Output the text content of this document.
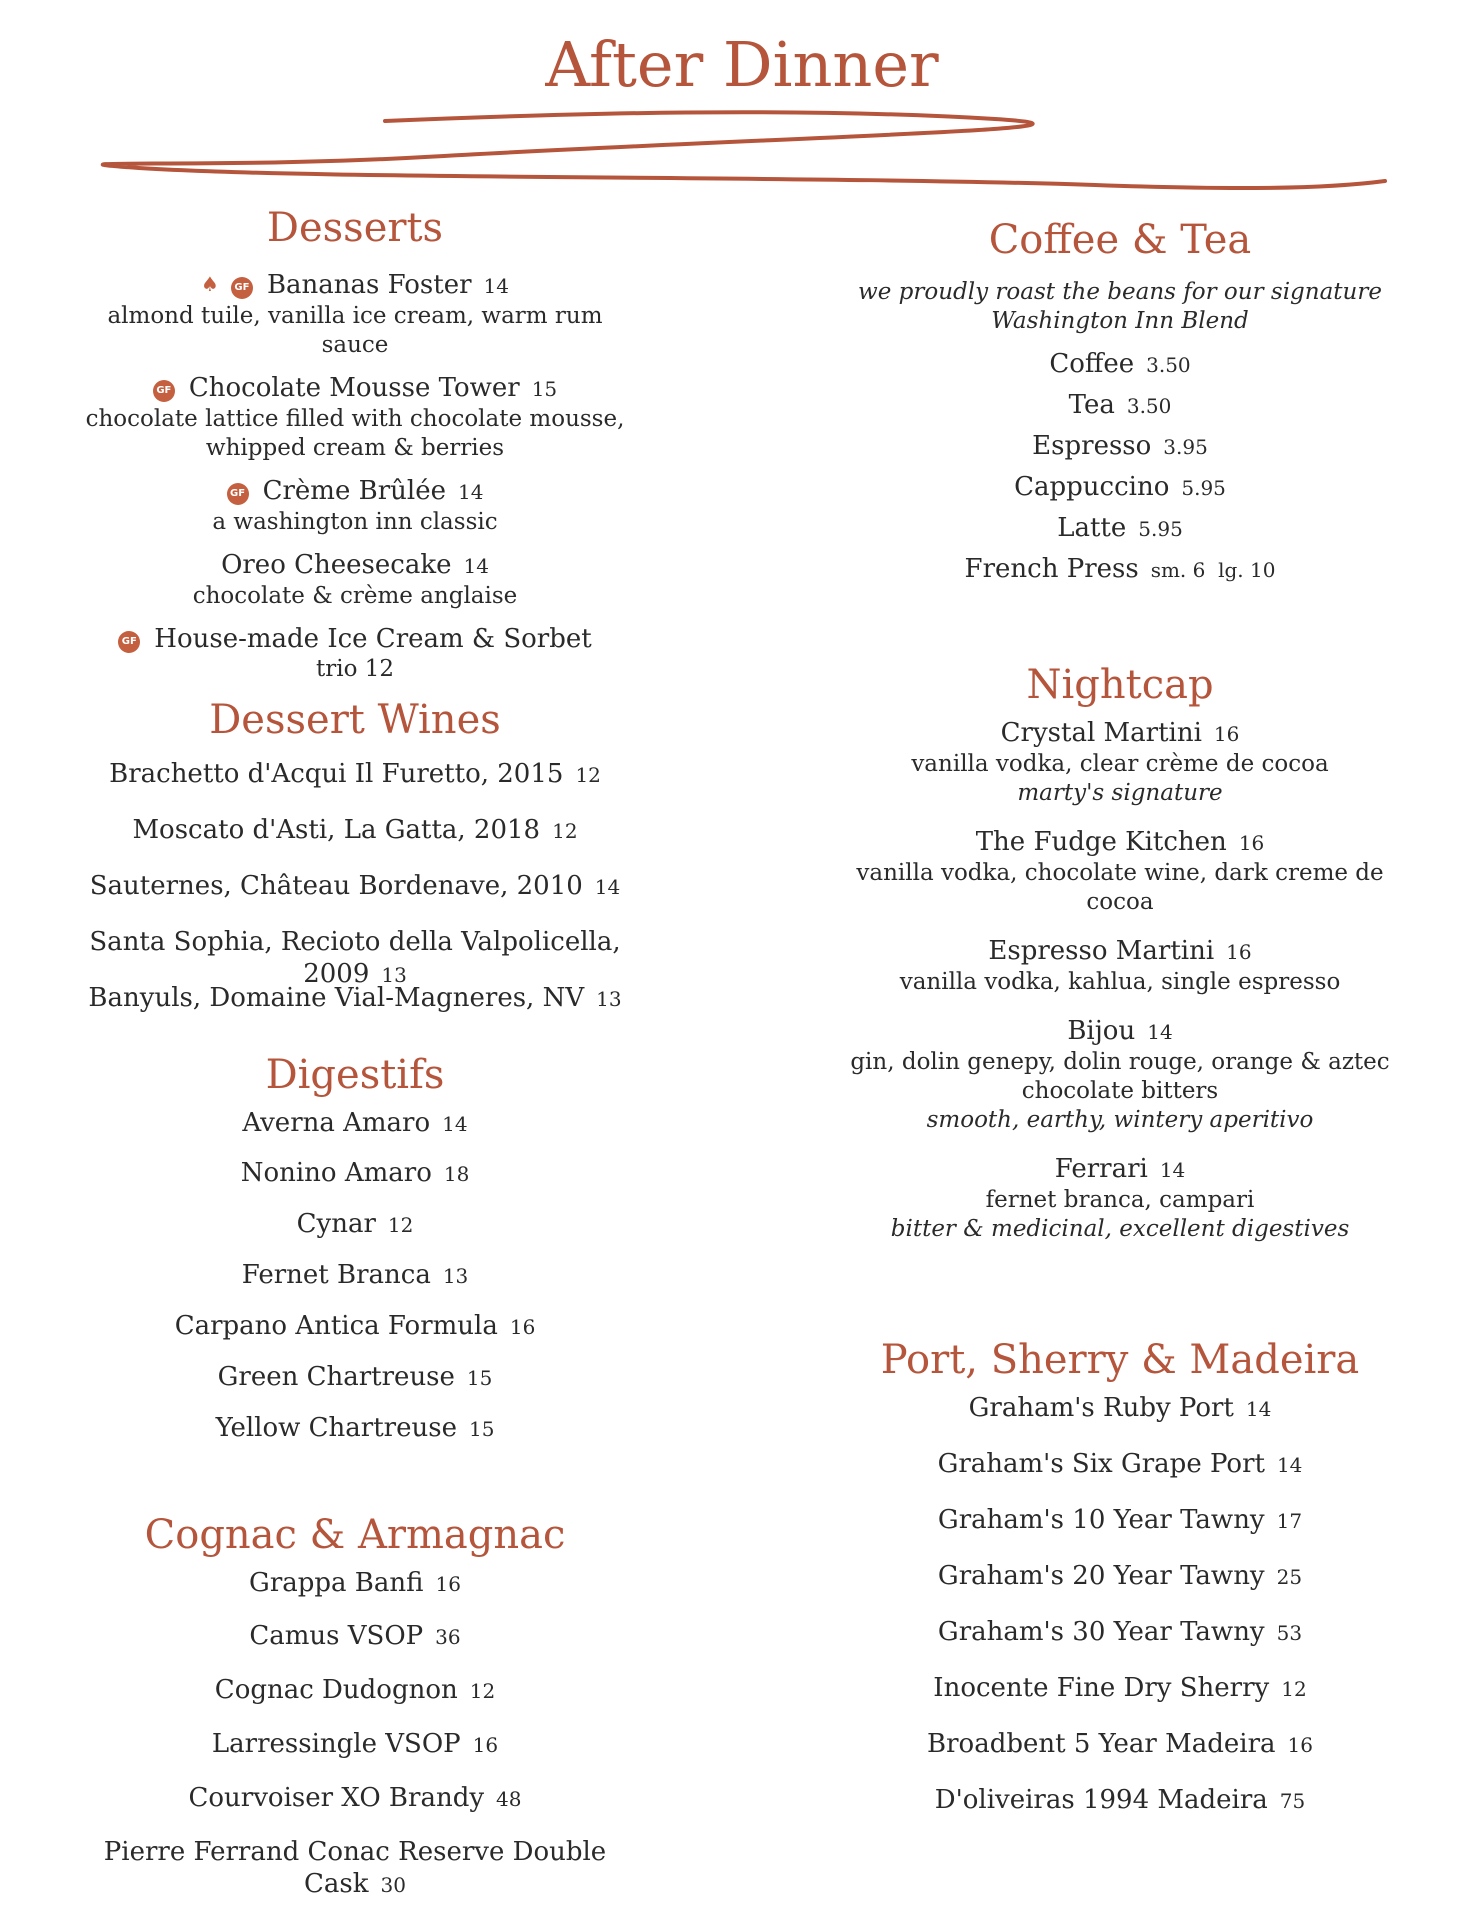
After Dinner
Desserts
♠ GF Bananas Foster 14
almond tuile, vanilla ice cream, warm rum sauce
GF Chocolate Mousse Tower 15
chocolate lattice filled with chocolate mousse,
whipped cream & berries
GF Crème Brûlée 14
a washington inn classic
Oreo Cheesecake 14
chocolate & crème anglaise
GF House-made Ice Cream & Sorbet
trio 12
Dessert Wines
Brachetto d'Acqui Il Furetto, 2015 12
Moscato d'Asti, La Gatta, 2018 12
Sauternes, Château Bordenave, 2010 14
Santa Sophia, Recioto della Valpolicella, 2009 13
Banyuls, Domaine Vial-Magneres, NV 13
Digestifs
Averna Amaro 14
Nonino Amaro 18
Cynar 12
Fernet Branca 13
Carpano Antica Formula 16
Green Chartreuse 15
Yellow Chartreuse 15
Cognac & Armagnac
Grappa Banfi 16
Camus VSOP 36
Cognac Dudognon 12
Larressingle VSOP 16
Courvoiser XO Brandy 48
Pierre Ferrand Conac Reserve Double Cask 30
Coffee & Tea
we proudly roast the beans for our signature
Washington Inn Blend
Coffee 3.50
Tea 3.50
Espresso 3.95
Cappuccino 5.95
Latte 5.95
French Press sm. 6  lg. 10
Nightcap
Crystal Martini 16
vanilla vodka, clear crème de cocoa
marty's signature
The Fudge Kitchen 16
vanilla vodka, chocolate wine, dark creme de cocoa
Espresso Martini 16
vanilla vodka, kahlua, single espresso
Bijou 14
gin, dolin genepy, dolin rouge, orange & aztec
chocolate bitters
smooth, earthy, wintery aperitivo
Ferrari 14
fernet branca, campari
bitter & medicinal, excellent digestives
Port, Sherry & Madeira
Graham's Ruby Port 14
Graham's Six Grape Port 14
Graham's 10 Year Tawny 17
Graham's 20 Year Tawny 25
Graham's 30 Year Tawny 53
Inocente Fine Dry Sherry 12
Broadbent 5 Year Madeira 16
D'oliveiras 1994 Madeira 75
